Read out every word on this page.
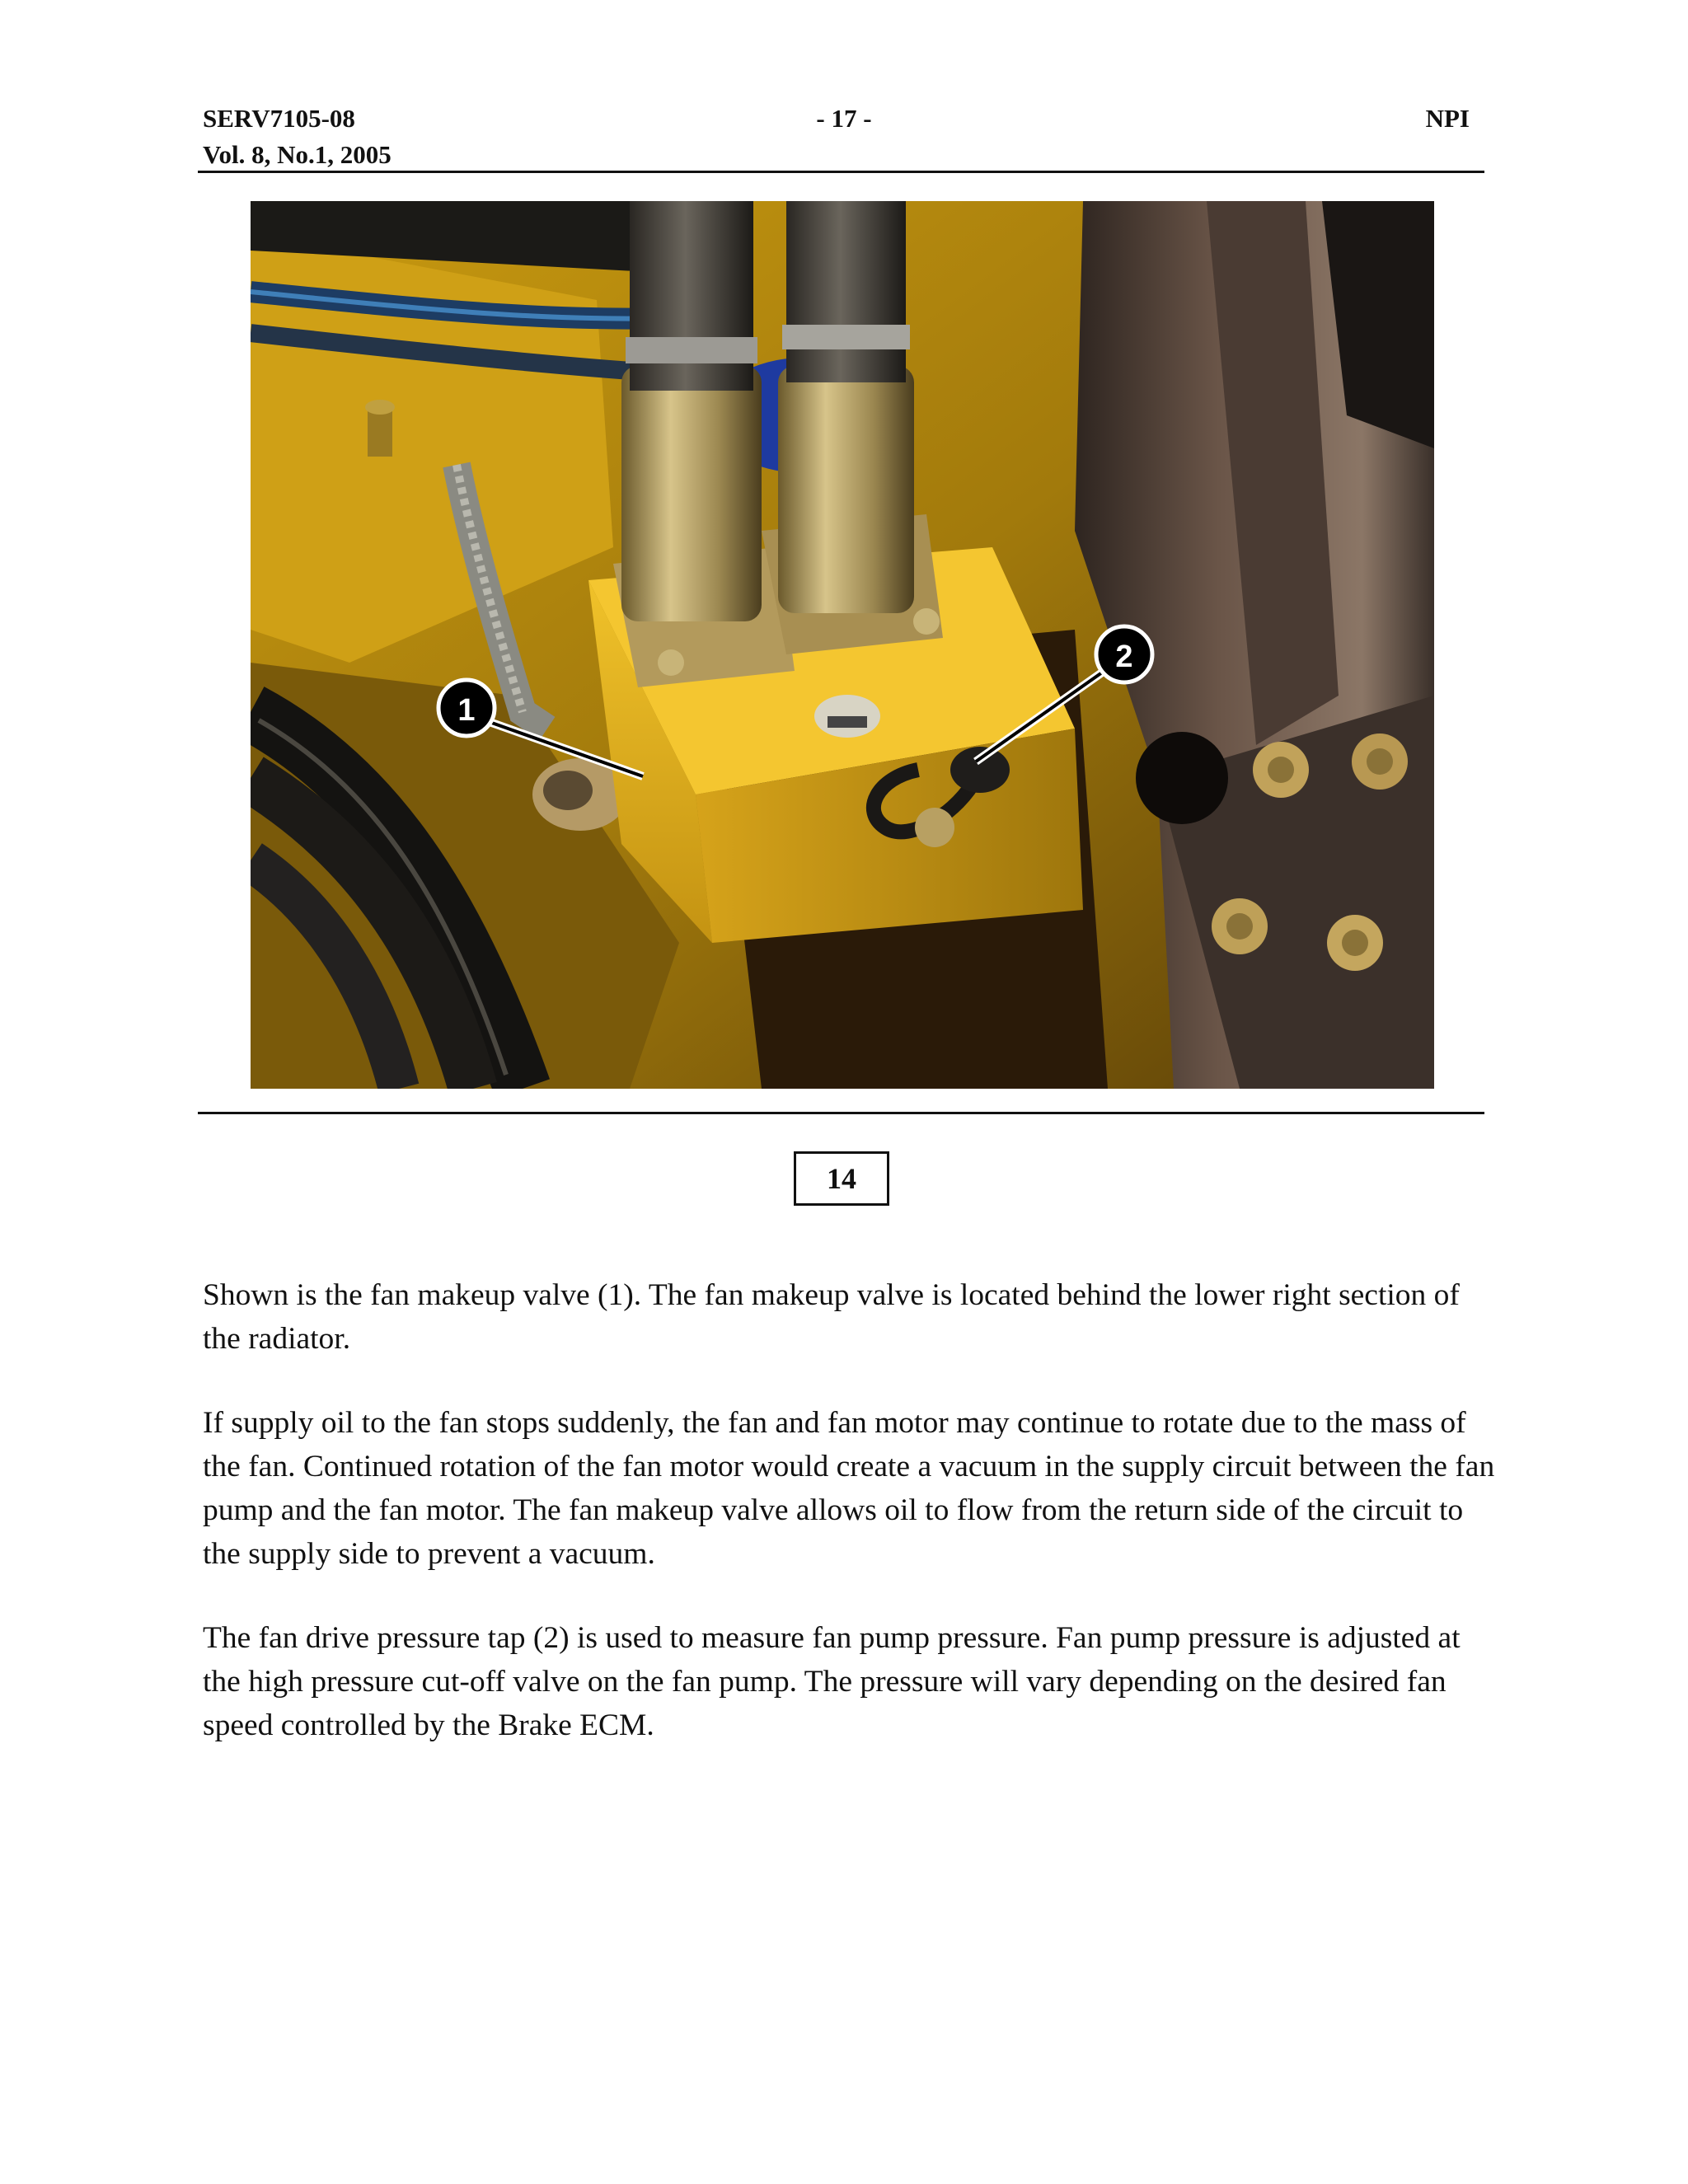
SERV7105-08
Vol. 8, No.1, 2005
- 17 -	NPI
1
2
14

Shown is the fan makeup valve (1). The fan makeup valve is located behind the lower right section of the radiator.

If supply oil to the fan stops suddenly, the fan and fan motor may continue to rotate due to the mass of the fan. Continued rotation of the fan motor would create a vacuum in the supply circuit between the fan pump and the fan motor. The fan makeup valve allows oil to flow from the return side of the circuit to the supply side to prevent a vacuum.

The fan drive pressure tap (2) is used to measure fan pump pressure. Fan pump pressure is adjusted at the high pressure cut-off valve on the fan pump. The pressure will vary depending on the desired fan speed controlled by the Brake ECM.
